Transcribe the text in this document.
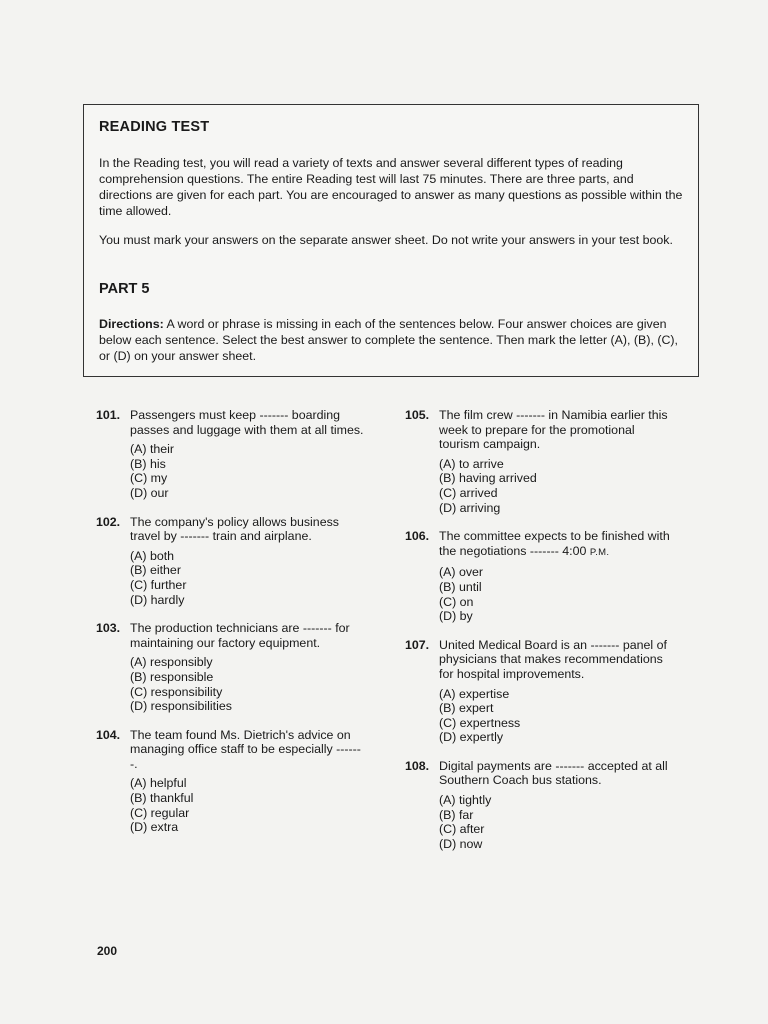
READING TEST

In the Reading test, you will read a variety of texts and answer several different types of reading comprehension questions. The entire Reading test will last 75 minutes. There are three parts, and directions are given for each part. You are encouraged to answer as many questions as possible within the time allowed.

You must mark your answers on the separate answer sheet. Do not write your answers in your test book.

PART 5

Directions: A word or phrase is missing in each of the sentences below. Four answer choices are given below each sentence. Select the best answer to complete the sentence. Then mark the letter (A), (B), (C), or (D) on your answer sheet.

101. Passengers must keep ------- boarding passes and luggage with them at all times.

(A) their
(B) his
(C) my
(D) our
102. The company's policy allows business travel by ------- train and airplane.

(A) both
(B) either
(C) further
(D) hardly
103. The production technicians are ------- for maintaining our factory equipment.

(A) responsibly
(B) responsible
(C) responsibility
(D) responsibilities
104. The team found Ms. Dietrich's advice on managing office staff to be especially -------.

(A) helpful
(B) thankful
(C) regular
(D) extra
105. The film crew ------- in Namibia earlier this week to prepare for the promotional tourism campaign.

(A) to arrive
(B) having arrived
(C) arrived
(D) arriving
106. The committee expects to be finished with the negotiations ------- 4:00 P.M.

(A) over
(B) until
(C) on
(D) by
107. United Medical Board is an ------- panel of physicians that makes recommendations for hospital improvements.

(A) expertise
(B) expert
(C) expertness
(D) expertly
108. Digital payments are ------- accepted at all Southern Coach bus stations.

(A) tightly
(B) far
(C) after
(D) now
200
